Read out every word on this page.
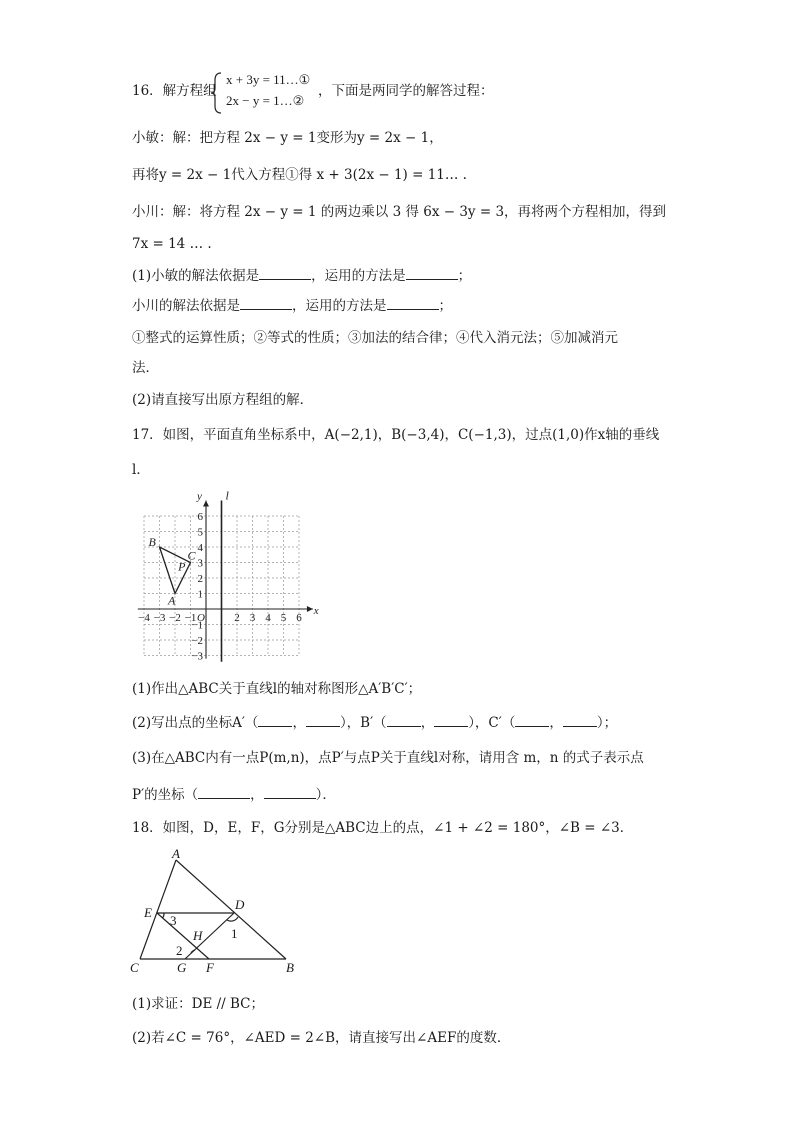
16．解方程组
x + 3y = 11…①
2x − y = 1…②
，下面是两同学的解答过程：
小敏：解：把方程 2x − y = 1变形为y = 2x − 1，
再将y = 2x − 1代入方程①得 x + 3(2x − 1) = 11… .
小川：解：将方程 2x − y = 1 的两边乘以 3 得 6x − 3y = 3，再将两个方程相加，得到
7x = 14 … .
(1)小敏的解法依据是	，运用的方法是	；
小川的解法依据是	，运用的方法是	；
①整式的运算性质；②等式的性质；③加法的结合律；④代入消元法；⑤加减消元
法．
(2)请直接写出原方程组的解．
17．如图，平面直角坐标系中，A(−2,1)，B(−3,4)，C(−1,3)，过点(1,0)作x轴的垂线
l．
x
y l
−4 −3 −2 −1 O	2 3 4 5 6
6
5
4
3
2
1
−1
−2
−3
A
B
C
P
(1)作出△ABC关于直线l的轴对称图形△A′B′C′；
(2)写出点的坐标A′（	，	），B′（	，	），C′（	，	）；
(3)在△ABC内有一点P(m,n)，点P′与点P关于直线l对称，请用含 m，n 的式子表示点
P′的坐标（	，	）．
18．如图，D，E，F，G分别是△ABC边上的点，∠1 + ∠2 = 180°，∠B = ∠3．
A
E
D
3
1
H
2
C	G F	B
(1)求证：DE // BC；
(2)若∠C = 76°，∠AED = 2∠B，请直接写出∠AEF的度数．
